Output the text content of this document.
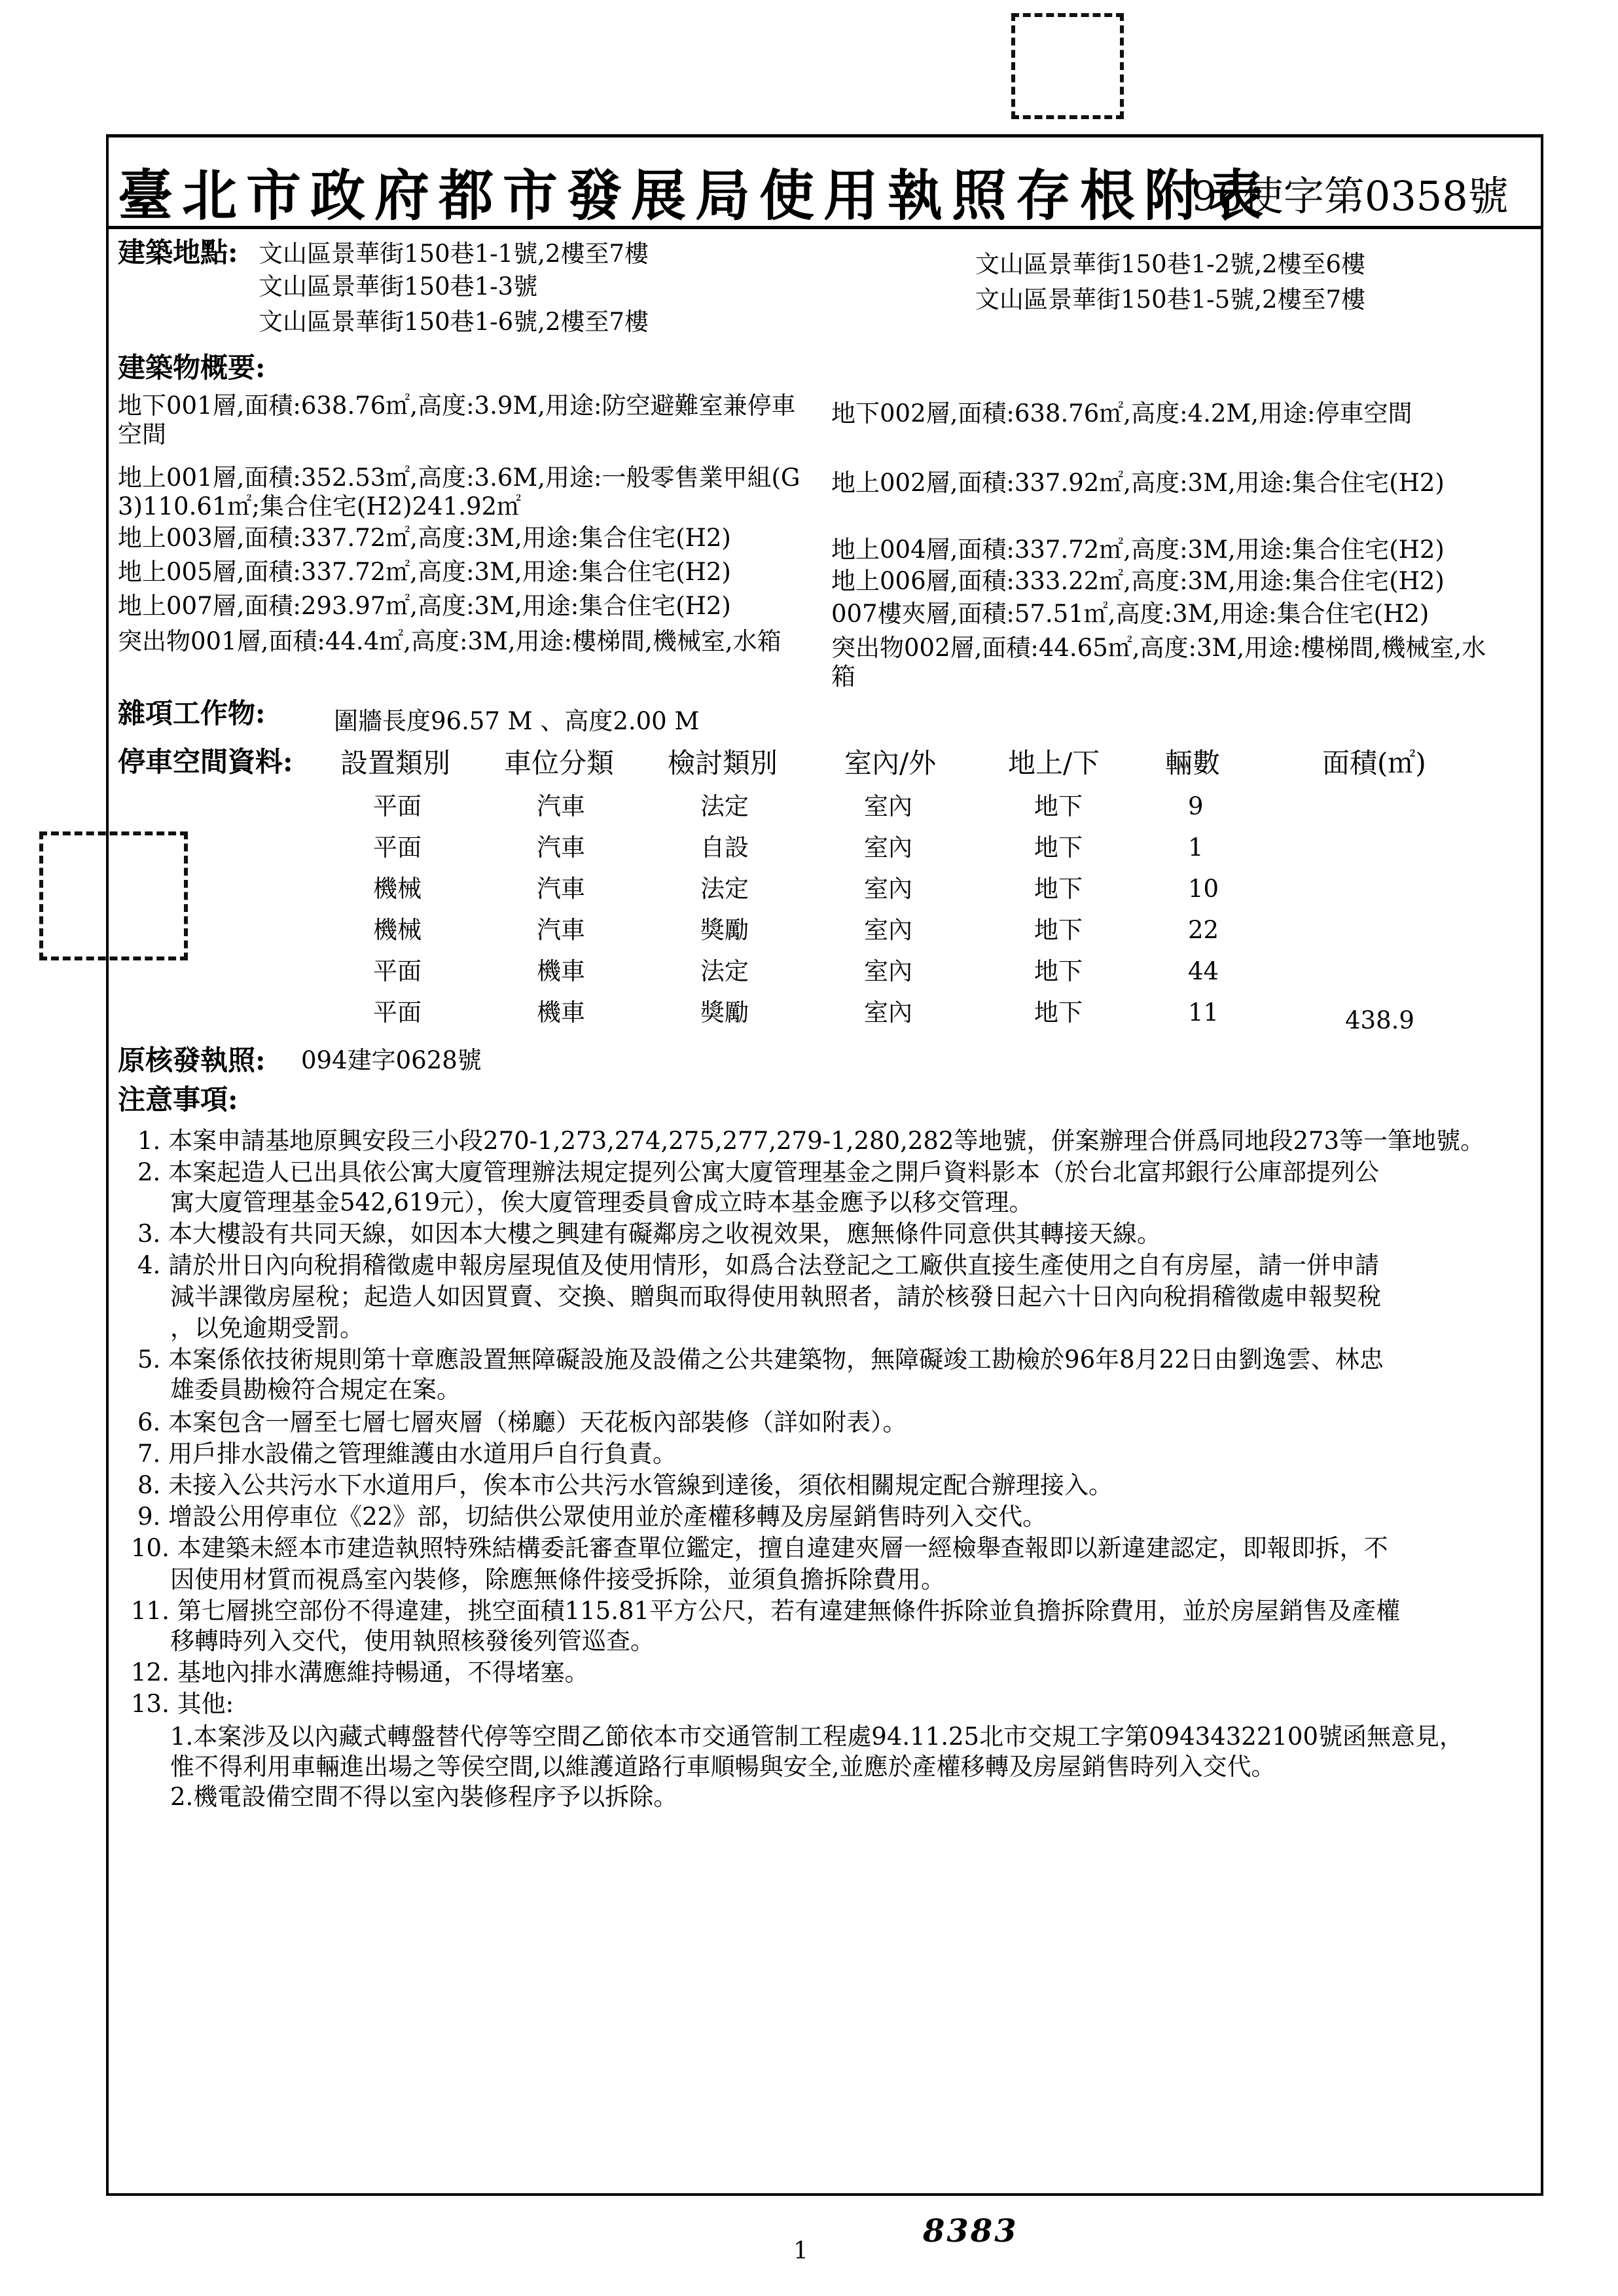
臺北市政府都市發展局使用執照存根附表
96使字第0358號
建築地點: 文山區景華街150巷1-1號,2樓至7樓
文山區景華街150巷1-3號
文山區景華街150巷1-6號,2樓至7樓
文山區景華街150巷1-2號,2樓至6樓
文山區景華街150巷1-5號,2樓至7樓
建築物概要:
地下001層,面積:638.76㎡,高度:3.9M,用途:防空避難室兼停車
空間
地下002層,面積:638.76㎡,高度:4.2M,用途:停車空間
地上001層,面積:352.53㎡,高度:3.6M,用途:一般零售業甲組(G
3)110.61㎡;集合住宅(H2)241.92㎡
地上002層,面積:337.92㎡,高度:3M,用途:集合住宅(H2)
地上003層,面積:337.72㎡,高度:3M,用途:集合住宅(H2)	地上004層,面積:337.72㎡,高度:3M,用途:集合住宅(H2)
地上005層,面積:337.72㎡,高度:3M,用途:集合住宅(H2)	地上006層,面積:333.22㎡,高度:3M,用途:集合住宅(H2)
地上007層,面積:293.97㎡,高度:3M,用途:集合住宅(H2)	007樓夾層,面積:57.51㎡,高度:3M,用途:集合住宅(H2)
突出物001層,面積:44.4㎡,高度:3M,用途:樓梯間,機械室,水箱 突出物002層,面積:44.65㎡,高度:3M,用途:樓梯間,機械室,水
箱
雜項工作物:	圍牆長度96.57 M 、高度2.00 M
停車空間資料: 設置類別 車位分類 檢討類別 室內/外	地上/下 輛數	面積(㎡)
平面	汽車	法定	室內	地下	9
平面	汽車	自設	室內	地下	1
機械	汽車	法定	室內	地下	10
機械	汽車	獎勵	室內	地下	22
平面	機車	法定	室內	地下	44
平面	機車	獎勵	室內	地下	11	438.9
原核發執照: 094建字0628號
注意事項:
1. 本案申請基地原興安段三小段270-1,273,274,275,277,279-1,280,282等地號，併案辦理合併爲同地段273等一筆地號。
2. 本案起造人已出具依公寓大廈管理辦法規定提列公寓大廈管理基金之開戶資料影本（於台北富邦銀行公庫部提列公
寓大廈管理基金542,619元），俟大廈管理委員會成立時本基金應予以移交管理。
3. 本大樓設有共同天線，如因本大樓之興建有礙鄰房之收視效果，應無條件同意供其轉接天線。
4. 請於卅日內向稅捐稽徵處申報房屋現值及使用情形，如爲合法登記之工廠供直接生產使用之自有房屋，請一併申請
減半課徵房屋稅；起造人如因買賣、交換、贈與而取得使用執照者，請於核發日起六十日內向稅捐稽徵處申報契稅
，以免逾期受罰。
5. 本案係依技術規則第十章應設置無障礙設施及設備之公共建築物，無障礙竣工勘檢於96年8月22日由劉逸雲、林忠
雄委員勘檢符合規定在案。
6. 本案包含一層至七層七層夾層（梯廳）天花板內部裝修（詳如附表）。
7. 用戶排水設備之管理維護由水道用戶自行負責。
8. 未接入公共污水下水道用戶，俟本市公共污水管線到達後，須依相關規定配合辦理接入。
9. 增設公用停車位《22》部，切結供公眾使用並於產權移轉及房屋銷售時列入交代。
10. 本建築未經本市建造執照特殊結構委託審查單位鑑定，擅自違建夾層一經檢舉查報即以新違建認定，即報即拆，不
因使用材質而視爲室內裝修，除應無條件接受拆除，並須負擔拆除費用。
11. 第七層挑空部份不得違建，挑空面積115.81平方公尺，若有違建無條件拆除並負擔拆除費用，並於房屋銷售及產權
移轉時列入交代，使用執照核發後列管巡查。
12. 基地內排水溝應維持暢通，不得堵塞。
13. 其他:
1.本案涉及以內藏式轉盤替代停等空間乙節依本市交通管制工程處94.11.25北市交規工字第09434322100號函無意見，
惟不得利用車輛進出場之等侯空間,以維護道路行車順暢與安全,並應於產權移轉及房屋銷售時列入交代。
2.機電設備空間不得以室內裝修程序予以拆除。
1
8383
